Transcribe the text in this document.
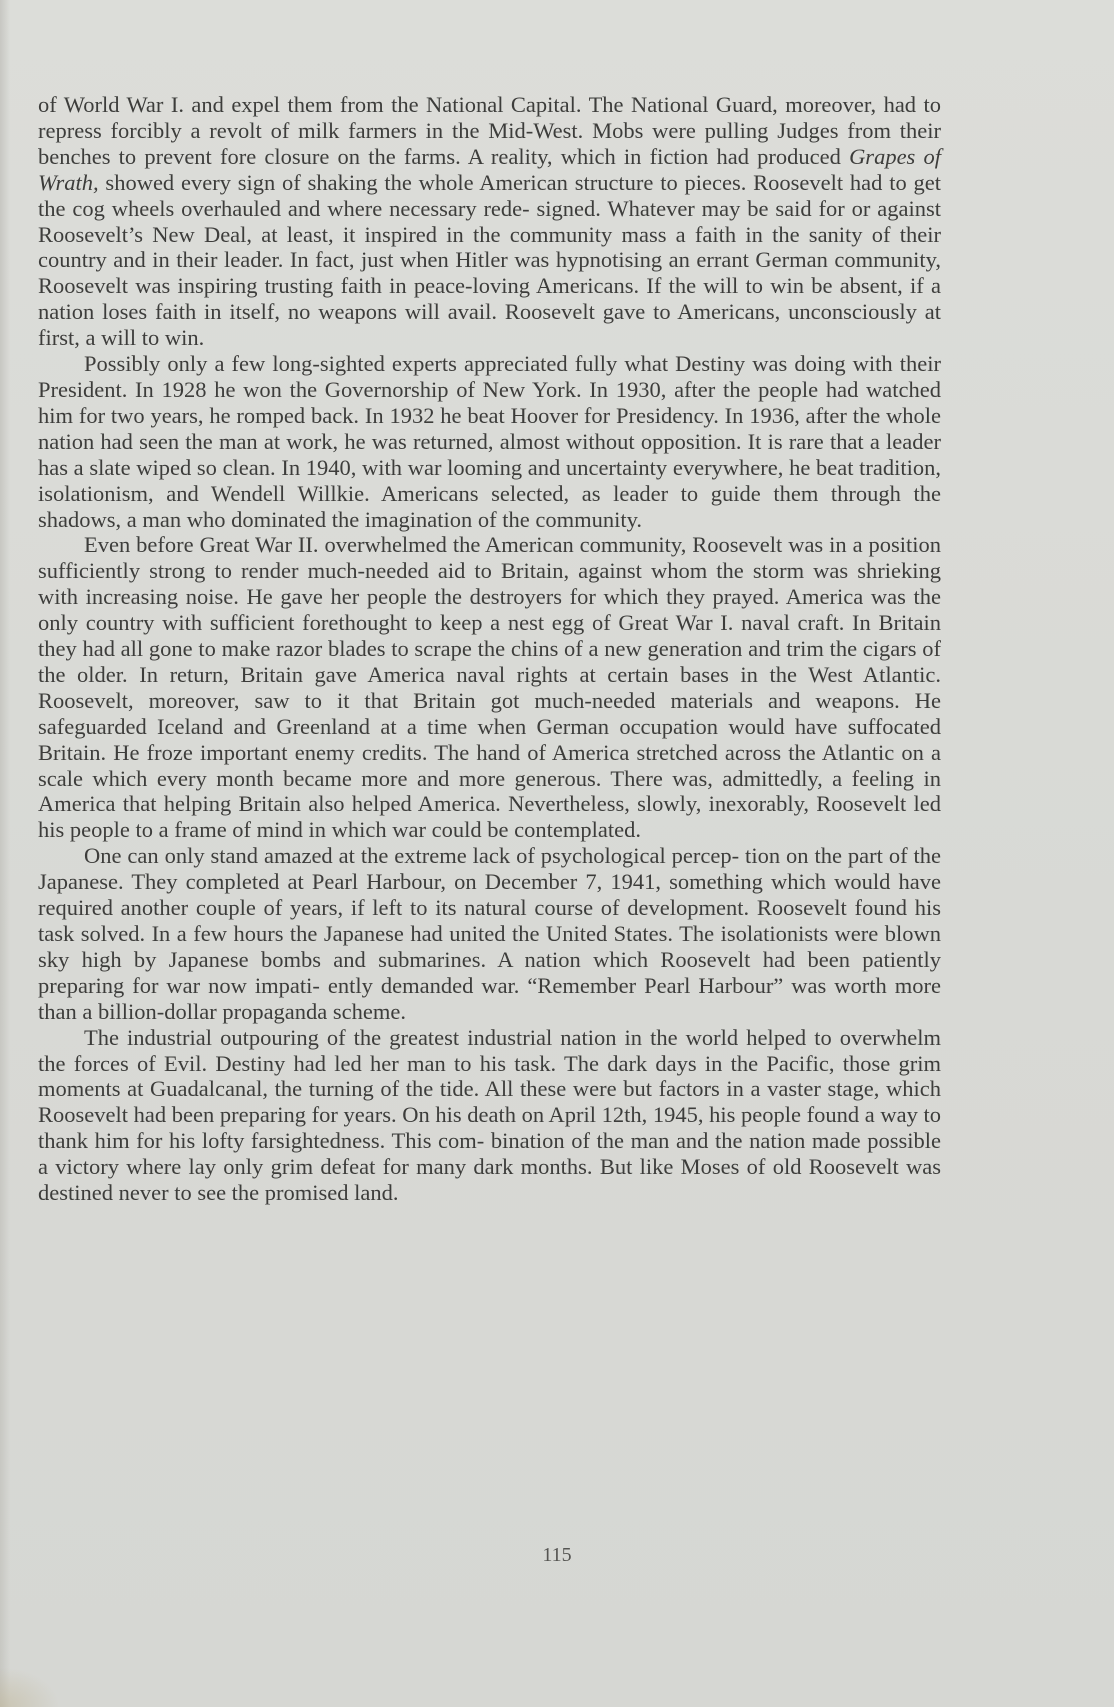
of World War I. and expel them from the National Capital. The National Guard, moreover, had to repress forcibly a revolt of milk farmers in the Mid-West. Mobs were pulling Judges from their benches to prevent fore closure on the farms. A reality, which in fiction had produced Grapes of Wrath, showed every sign of shaking the whole American structure to pieces. Roosevelt had to get the cog wheels overhauled and where necessary rede- signed. Whatever may be said for or against Roosevelt’s New Deal, at least, it inspired in the community mass a faith in the sanity of their country and in their leader. In fact, just when Hitler was hypnotising an errant German community, Roosevelt was inspiring trusting faith in peace-loving Americans. If the will to win be absent, if a nation loses faith in itself, no weapons will avail. Roosevelt gave to Americans, unconsciously at first, a will to win.

Possibly only a few long-sighted experts appreciated fully what Destiny was doing with their President. In 1928 he won the Governorship of New York. In 1930, after the people had watched him for two years, he romped back. In 1932 he beat Hoover for Presidency. In 1936, after the whole nation had seen the man at work, he was returned, almost without opposition. It is rare that a leader has a slate wiped so clean. In 1940, with war looming and uncertainty everywhere, he beat tradition, isolationism, and Wendell Willkie. Americans selected, as leader to guide them through the shadows, a man who dominated the imagination of the community.

Even before Great War II. overwhelmed the American community, Roosevelt was in a position sufficiently strong to render much-needed aid to Britain, against whom the storm was shrieking with increasing noise. He gave her people the destroyers for which they prayed. America was the only country with sufficient forethought to keep a nest egg of Great War I. naval craft. In Britain they had all gone to make razor blades to scrape the chins of a new generation and trim the cigars of the older. In return, Britain gave America naval rights at certain bases in the West Atlantic. Roosevelt, moreover, saw to it that Britain got much-needed materials and weapons. He safeguarded Iceland and Greenland at a time when German occupation would have suffocated Britain. He froze important enemy credits. The hand of America stretched across the Atlantic on a scale which every month became more and more generous. There was, admittedly, a feeling in America that helping Britain also helped America. Nevertheless, slowly, inexorably, Roosevelt led his people to a frame of mind in which war could be contemplated.

One can only stand amazed at the extreme lack of psychological percep- tion on the part of the Japanese. They completed at Pearl Harbour, on December 7, 1941, something which would have required another couple of years, if left to its natural course of development. Roosevelt found his task solved. In a few hours the Japanese had united the United States. The isolationists were blown sky high by Japanese bombs and submarines. A nation which Roosevelt had been patiently preparing for war now impati- ently demanded war. “Remember Pearl Harbour” was worth more than a billion-dollar propaganda scheme.

The industrial outpouring of the greatest industrial nation in the world helped to overwhelm the forces of Evil. Destiny had led her man to his task. The dark days in the Pacific, those grim moments at Guadalcanal, the turning of the tide. All these were but factors in a vaster stage, which Roosevelt had been preparing for years. On his death on April 12th, 1945, his people found a way to thank him for his lofty farsightedness. This com- bination of the man and the nation made possible a victory where lay only grim defeat for many dark months. But like Moses of old Roosevelt was destined never to see the promised land.

115
